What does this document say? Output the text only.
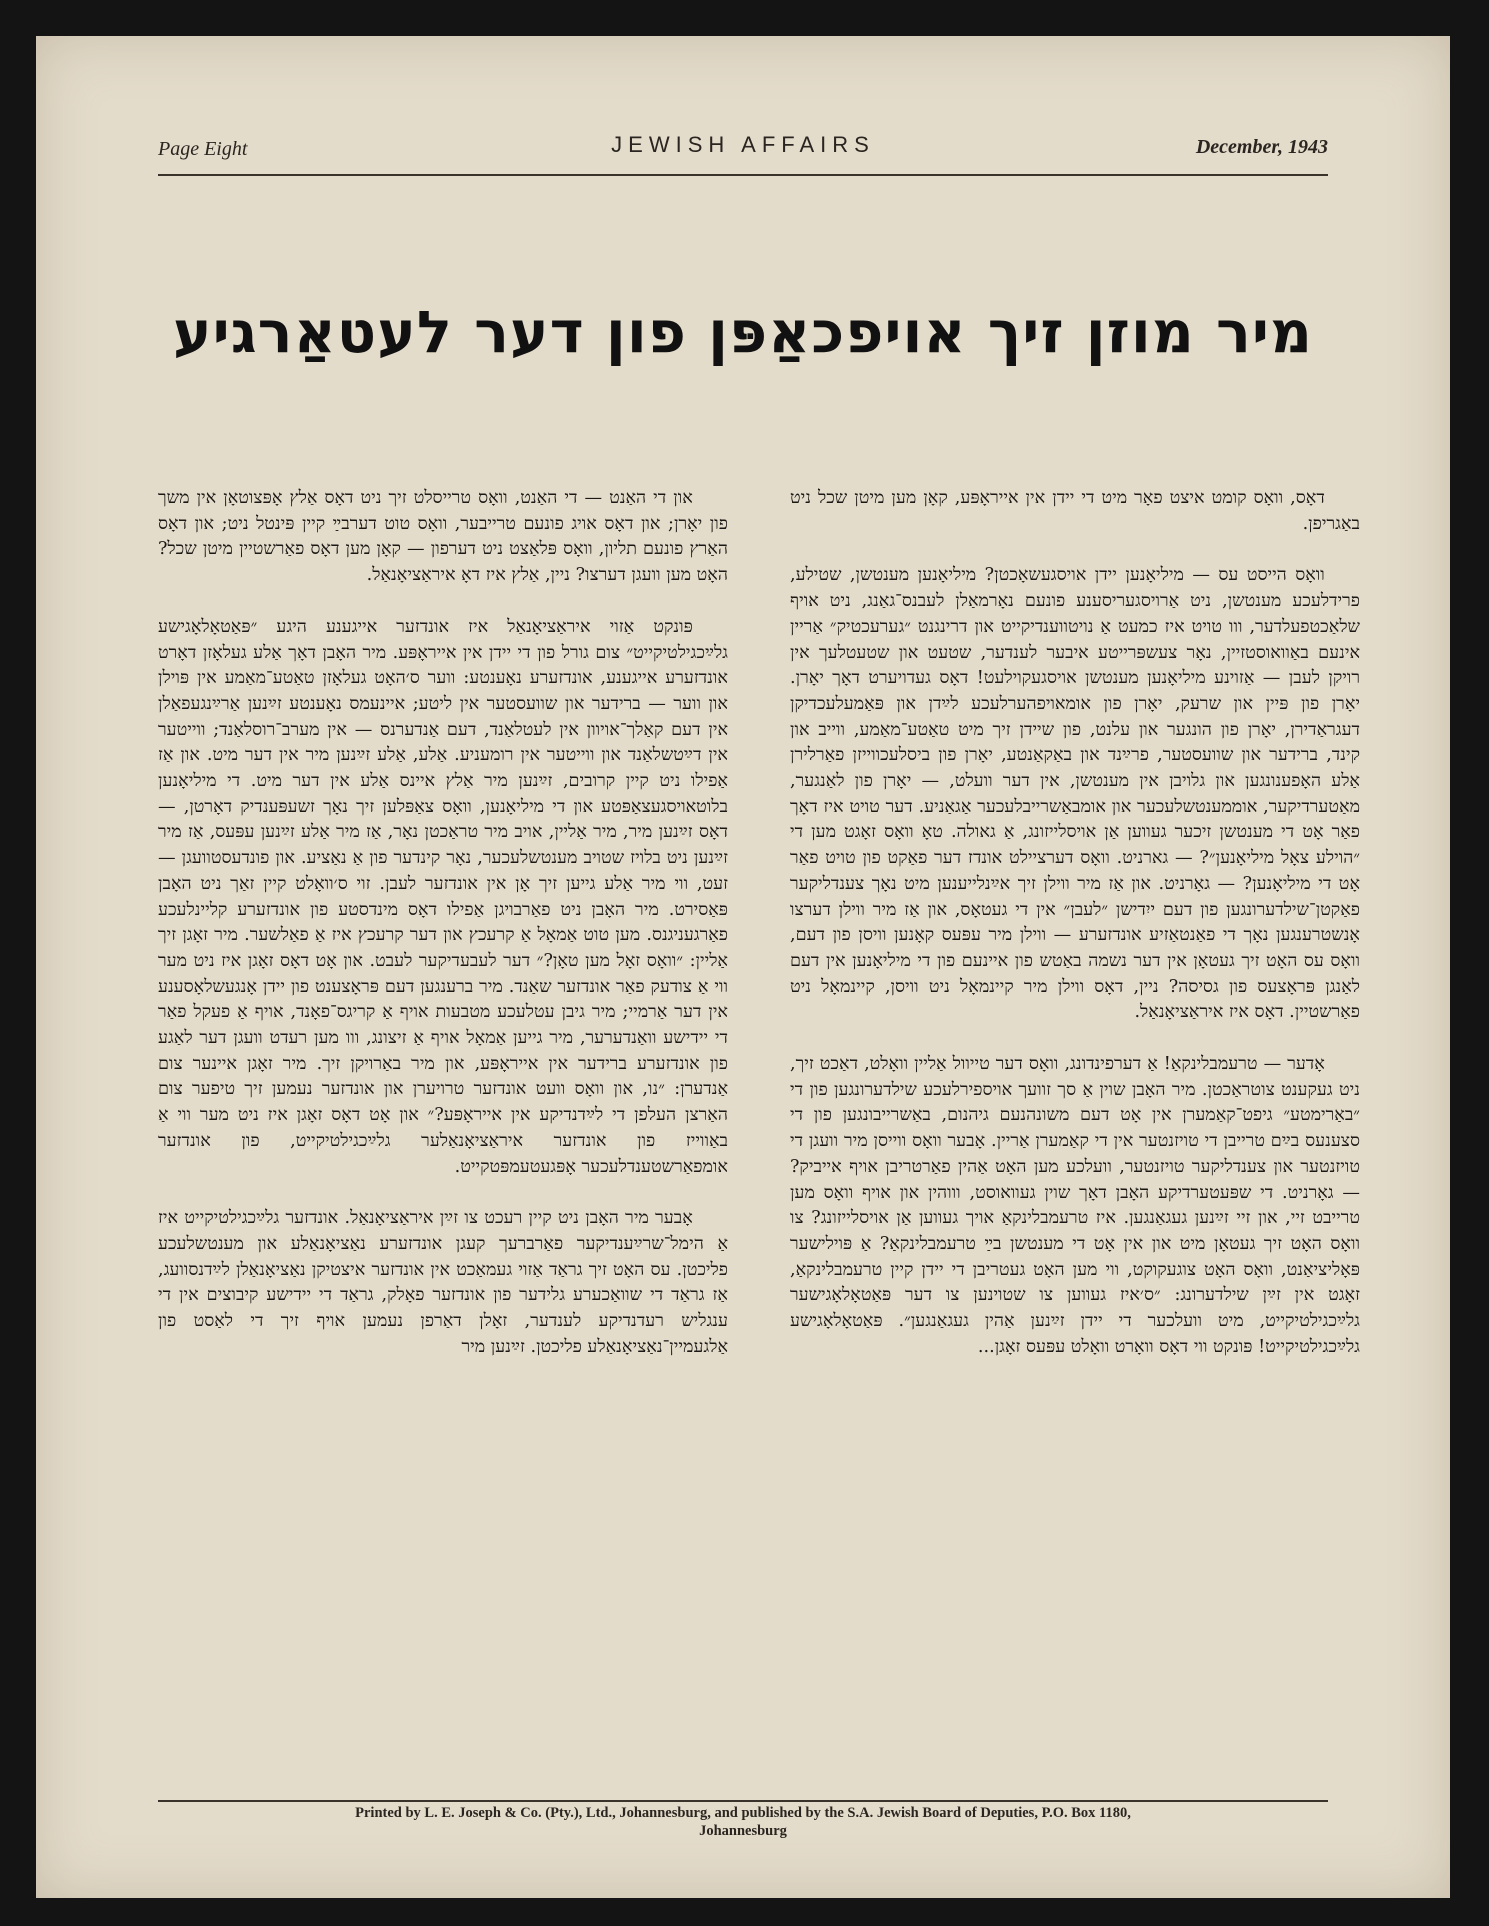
Page Eight	JEWISH AFFAIRS	December, 1943
מיר מוזן זיך אויפכאַפּן פון דער לעטאַרגיע

דאָס, וואָס קומט איצט פאָר מיט די יידן אין אייראָפּע, קאָן מען מיטן שכל ניט באַגריפן.

וואָס הייסט עס — מיליאָנען יידן אויסגעשאָכטן? מיליאָנען מענטשן, שטילע, פרידלעכע מענטשן, ניט אַרויסגעריסענע פונעם נאָרמאַלן לעבנס־גאַנג, ניט אויף שלאַכטפעלדער, ווו טויט איז כמעט אַ נויטווענדיקייט און דרינגנט ״גערעכטיק״ אַריין אינעם באַוואוסטזיין, נאָר צעשפּרייטע איבער לענדער, שטעט און שטעטלעך אין רויקן לעבן — אַזוינע מיליאָנען מענטשן אויסגעקוילעט! דאָס געדויערט דאָך יאָרן. יאָרן פון פּיין און שרעק, יאָרן פון אומאויפהערלעכע לײַדן און פּאַמעלעכדיקן דעגראַדירן, יאָרן פון הונגער און עלנט, פון שיידן זיך מיט טאַטע־מאַמע, ווייב און קינד, ברידער און שוועסטער, פרײַנד און באַקאַנטע, יאָרן פון ביסלעכווייזן פאַרלירן אַלע האָפענונגען און גלויבן אין מענטשן, אין דער וועלט, — יאָרן פון לאַנגער, מאַטערדיקער, אוממענטשלעכער און אומבאַשרייבלעכער אַגאַניע. דער טויט איז דאָך פאַר אָט די מענטשן זיכער געווען אַן אויסלייזונג, אַ גאולה. טאָ וואָס זאָגט מען די ״הוילע צאָל מיליאָנען״? — גארניט. וואָס דערציילט אונדז דער פאַקט פון טויט פאַר אָט די מיליאָנען? — גאָרניט. און אַז מיר ווילן זיך אײַנלייענען מיט נאָך צענדליקער פאַקטן־שילדערונגען פון דעם ייִדישן ״לעבן״ אין די געטאָס, און אַז מיר ווילן דערצו אָנשטרענגען נאָך די פאַנטאַזיע אונדזערע — ווילן מיר עפּעס קאָנען וויסן פון דעם, וואָס עס האָט זיך געטאָן אין דער נשמה באַטש פון איינעם פון די מיליאָנען אין דעם לאַנגן פּראָצעס פון גסיסה? ניין, דאָס ווילן מיר קיינמאָל ניט וויסן, קיינמאָל ניט פאַרשטיין. דאָס איז איראַציאָנאַל.

אָדער — טרעמבלינקאַ! אַ דערפינדונג, וואָס דער טייוול אַליין וואָלט, דאַכט זיך, ניט געקענט צוטראַכטן. מיר האָבן שוין אַ סך זוועך אויספירלעכע שילדערונגען פון די ״באַרימטע״ גיפט־קאַמערן אין אָט דעם משונהנעם גיהנום, באַשרייבונגען פון די סצענעס בײַם טרייבן די טויזנטער אין די קאַמערן אַריין. אָבער וואָס ווייסן מיר וועגן די טויזנטער און צענדליקער טויזנטער, וועלכע מען האָט אַהין פאַרטריבן אויף אייביק? — גאָרניט. די שפּעטערדיקע האָבן דאָך שוין געוואוסט, וווהין און אויף וואָס מען טרייבט זיי, און זיי זײַנען געגאַנגען. איז טרעמבלינקאַ אויך געווען אַן אויסלייזונג? צו וואָס האָט זיך געטאָן מיט און אין אָט די מענטשן בײַ טרעמבלינקאַ? אַ פּוילישער פּאָליציאַנט, וואָס האָט צוגעקוקט, ווי מען האָט געטריבן די יידן קיין טרעמבלינקאַ, זאָגט אין זײַן שילדערונג: ״ס׳איז געווען צו שטוינען צו דער פּאַטאָלאָגישער גלײַכגילטיקייט, מיט וועלכער די יידן זײַנען אַהין געגאַנגען״. פּאַטאָלאָגישע גלײַכגילטיקייט! פּונקט ווי דאָס וואָרט וואָלט עפּעס זאָגן...

און די האַנט — די האַנט, וואָס טרייסלט זיך ניט דאָס אַלץ אָפּצוטאָן אין משך פון יאָרן; און דאָס אויג פונעם טרייבער, וואָס טוט דערבײַ קיין פּינטל ניט; און דאָס האַרץ פונעם תליון, וואָס פּלאַצט ניט דערפון — קאָן מען דאָס פאַרשטיין מיטן שכל? האָט מען וועגן דערצו? ניין, אַלץ איז דאָ איראַציאָנאַל.

פּונקט אַזוי איראַציאָנאַל איז אונדזער אייגענע היגע ״פּאַטאָלאָגישע גלײַכגילטיקייט״ צום גורל פון די יידן אין אייראָפּע. מיר האָבן דאָך אַלע געלאָזן דאָרט אונדזערע אייגענע, אונדזערע נאָענטע: ווער ס׳האָט געלאָזן טאַטע־מאַמע אין פּוילן און ווער — ברידער און שוועסטער אין ליטע; איינעמס נאָענטע זײַנען אַרײַנגעפאַלן אין דעם קאַלך־אויוון אין לעטלאַנד, דעם אַנדערנס — אין מערב־רוסלאַנד; ווייטער אין דײַטשלאַנד און ווייטער אין רומעניע. אַלע, אַלע זײַנען מיר אין דער מיט. און אַז אַפילו ניט קיין קרובים, זײַנען מיר אַלץ איינס אַלע אין דער מיט. די מיליאָנען בלוטאויסגעצאַפּטע און די מיליאָנען, וואָס צאַפּלען זיך נאָך זשעפּענדיק דאָרטן, — דאָס זײַנען מיר, מיר אַליין, אויב מיר טראַכטן נאָר, אַז מיר אַלע זײַנען עפּעס, אַז מיר זײַנען ניט בלויז שטויב מענטשלעכער, נאָר קינדער פון אַ נאַציע. און פונדעסטוועגן — זעט, ווי מיר אַלע גייען זיך אָן אין אונדזער לעבן. זוי ס׳וואָלט קיין זאַך ניט האָבן פּאַסירט. מיר האָבן ניט פאַרבויגן אַפילו דאָס מינדסטע פון אונדזערע קליינלעכע פאַרגעניגנס. מען טוט אַמאָל אַ קרעכץ און דער קרעכץ איז אַ פאַלשער. מיר זאָגן זיך אַליין: ״וואָס זאָל מען טאָן?״ דער לעבעדיקער לעבט. און אָט דאָס זאָגן איז ניט מער ווי אַ צודעק פאַר אונדזער שאַנד. מיר ברענגען דעם פּראָצענט פון יידן אָנגעשלאָסענע אין דער אַרמיי; מיר גיבן עטלעכע מטבעות אויף אַ קריגס־פאָנד, אויף אַ פעקל פאַר די יידישע וואַנדערער, מיר גייען אַמאָל אויף אַ זיצונג, ווו מען רעדט וועגן דער לאַגע פון אונדזערע ברידער אין אייראָפּע, און מיר באַרויקן זיך. מיר זאָגן איינער צום אַנדערן: ״נו, און וואָס וועט אונדזער טרויערן און אונדזער נעמען זיך טיפער צום האַרצן העלפן די לײַדנדיקע אין אייראָפּע?״ און אָט דאָס זאָגן איז ניט מער ווי אַ באַווייז פון אונדזער איראַציאָנאַלער גלײַכגילטיקייט, פון אונדזער אומפאַרשטענדלעכער אָפּגעטעמפּטקייט.

אָבער מיר האָבן ניט קיין רעכט צו זײַן איראַציאָנאַל. אונדזער גלײַכגילטיקייט איז אַ הימל־שרײַענדיקער פאַרברעך קעגן אונדזערע נאַציאָנאַלע און מענטשלעכע פליכטן. עס האָט זיך גראַד אַזוי געמאַכט אין אונדזער איצטיקן נאַציאָנאַלן לײַדנסוועג, אַז גראַד די שוואַכערע גלידער פון אונדזער פאָלק, גראַד די יידישע קיבוצים אין די ענגליש רעדנדיקע לענדער, זאָלן דאַרפן נעמען אויף זיך די לאַסט פון אַלגעמיין־נאַציאָנאַלע פליכטן. זײַנען מיר

Printed by L. E. Joseph & Co. (Pty.), Ltd., Johannesburg, and published by the S.A. Jewish Board of Deputies, P.O. Box 1180,
Johannesburg
